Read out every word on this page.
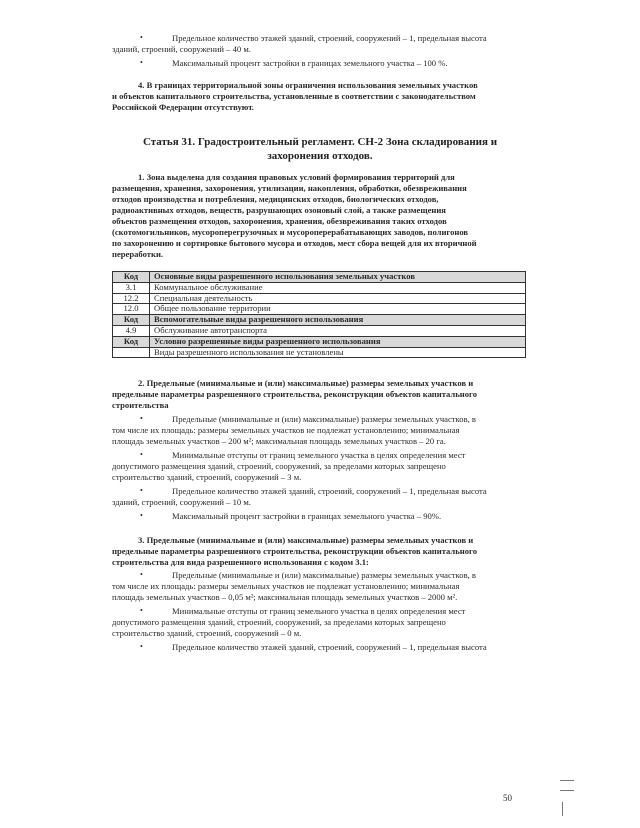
•	Предельное количество этажей зданий, строений, сооружений – 1, предельная высота
зданий, строений, сооружений – 40 м.
•	Максимальный процент застройки в границах земельного участка – 100 %.
4. В границах территориальной зоны ограничения использования земельных участков
и объектов капитального строительства, установленные в соответствии с законодательством
Российской Федерации отсутствуют.
Статья 31. Градостроительный регламент. СН-2 Зона складирования и
захоронения отходов.
1. Зона выделена для создания правовых условий формирования территорий для
размещения, хранения, захоронения, утилизации, накопления, обработки, обезвреживания
отходов производства и потребления, медицинских отходов, биологических отходов,
радиоактивных отходов, веществ, разрушающих озоновый слой, а также размещения
объектов размещения отходов, захоронения, хранения, обезвреживания таких отходов
(скотомогильников, мусороперегрузочных и мусороперерабатывающих заводов, полигонов
по захоронению и сортировке бытового мусора и отходов, мест сбора вещей для их вторичной
переработки.
Код	Основные виды разрешенного использования земельных участков
3.1	Коммунальное обслуживание
12.2	Специальная деятельность
12.0	Общее пользование территории
Код	Вспомогательные виды разрешенного использования
4.9	Обслуживание автотранспорта
Код	Условно разрешенные виды разрешенного использования
	Виды разрешенного использования не установлены
2. Предельные (минимальные и (или) максимальные) размеры земельных участков и
предельные параметры разрешенного строительства, реконструкции объектов капитального
строительства
•	Предельные (минимальные и (или) максимальные) размеры земельных участков, в
том числе их площадь: размеры земельных участков не подлежат установлению; минимальная
площадь земельных участков – 200 м²; максимальная площадь земельных участков – 20 га.
•	Минимальные отступы от границ земельного участка в целях определения мест
допустимого размещения зданий, строений, сооружений, за пределами которых запрещено
строительство зданий, строений, сооружений – 3 м.
•	Предельное количество этажей зданий, строений, сооружений – 1, предельная высота
зданий, строений, сооружений – 10 м.
•	Максимальный процент застройки в границах земельного участка – 90%.
3. Предельные (минимальные и (или) максимальные) размеры земельных участков и
предельные параметры разрешенного строительства, реконструкции объектов капитального
строительства для вида разрешенного использования с кодом 3.1:
•	Предельные (минимальные и (или) максимальные) размеры земельных участков, в
том числе их площадь: размеры земельных участков не подлежат установлению; минимальная
площадь земельных участков – 0,05 м²; максимальная площадь земельных участков – 2000 м².
•	Минимальные отступы от границ земельного участка в целях определения мест
допустимого размещения зданий, строений, сооружений, за пределами которых запрещено
строительство зданий, строений, сооружений – 0 м.
•	Предельное количество этажей зданий, строений, сооружений – 1, предельная высота
50
